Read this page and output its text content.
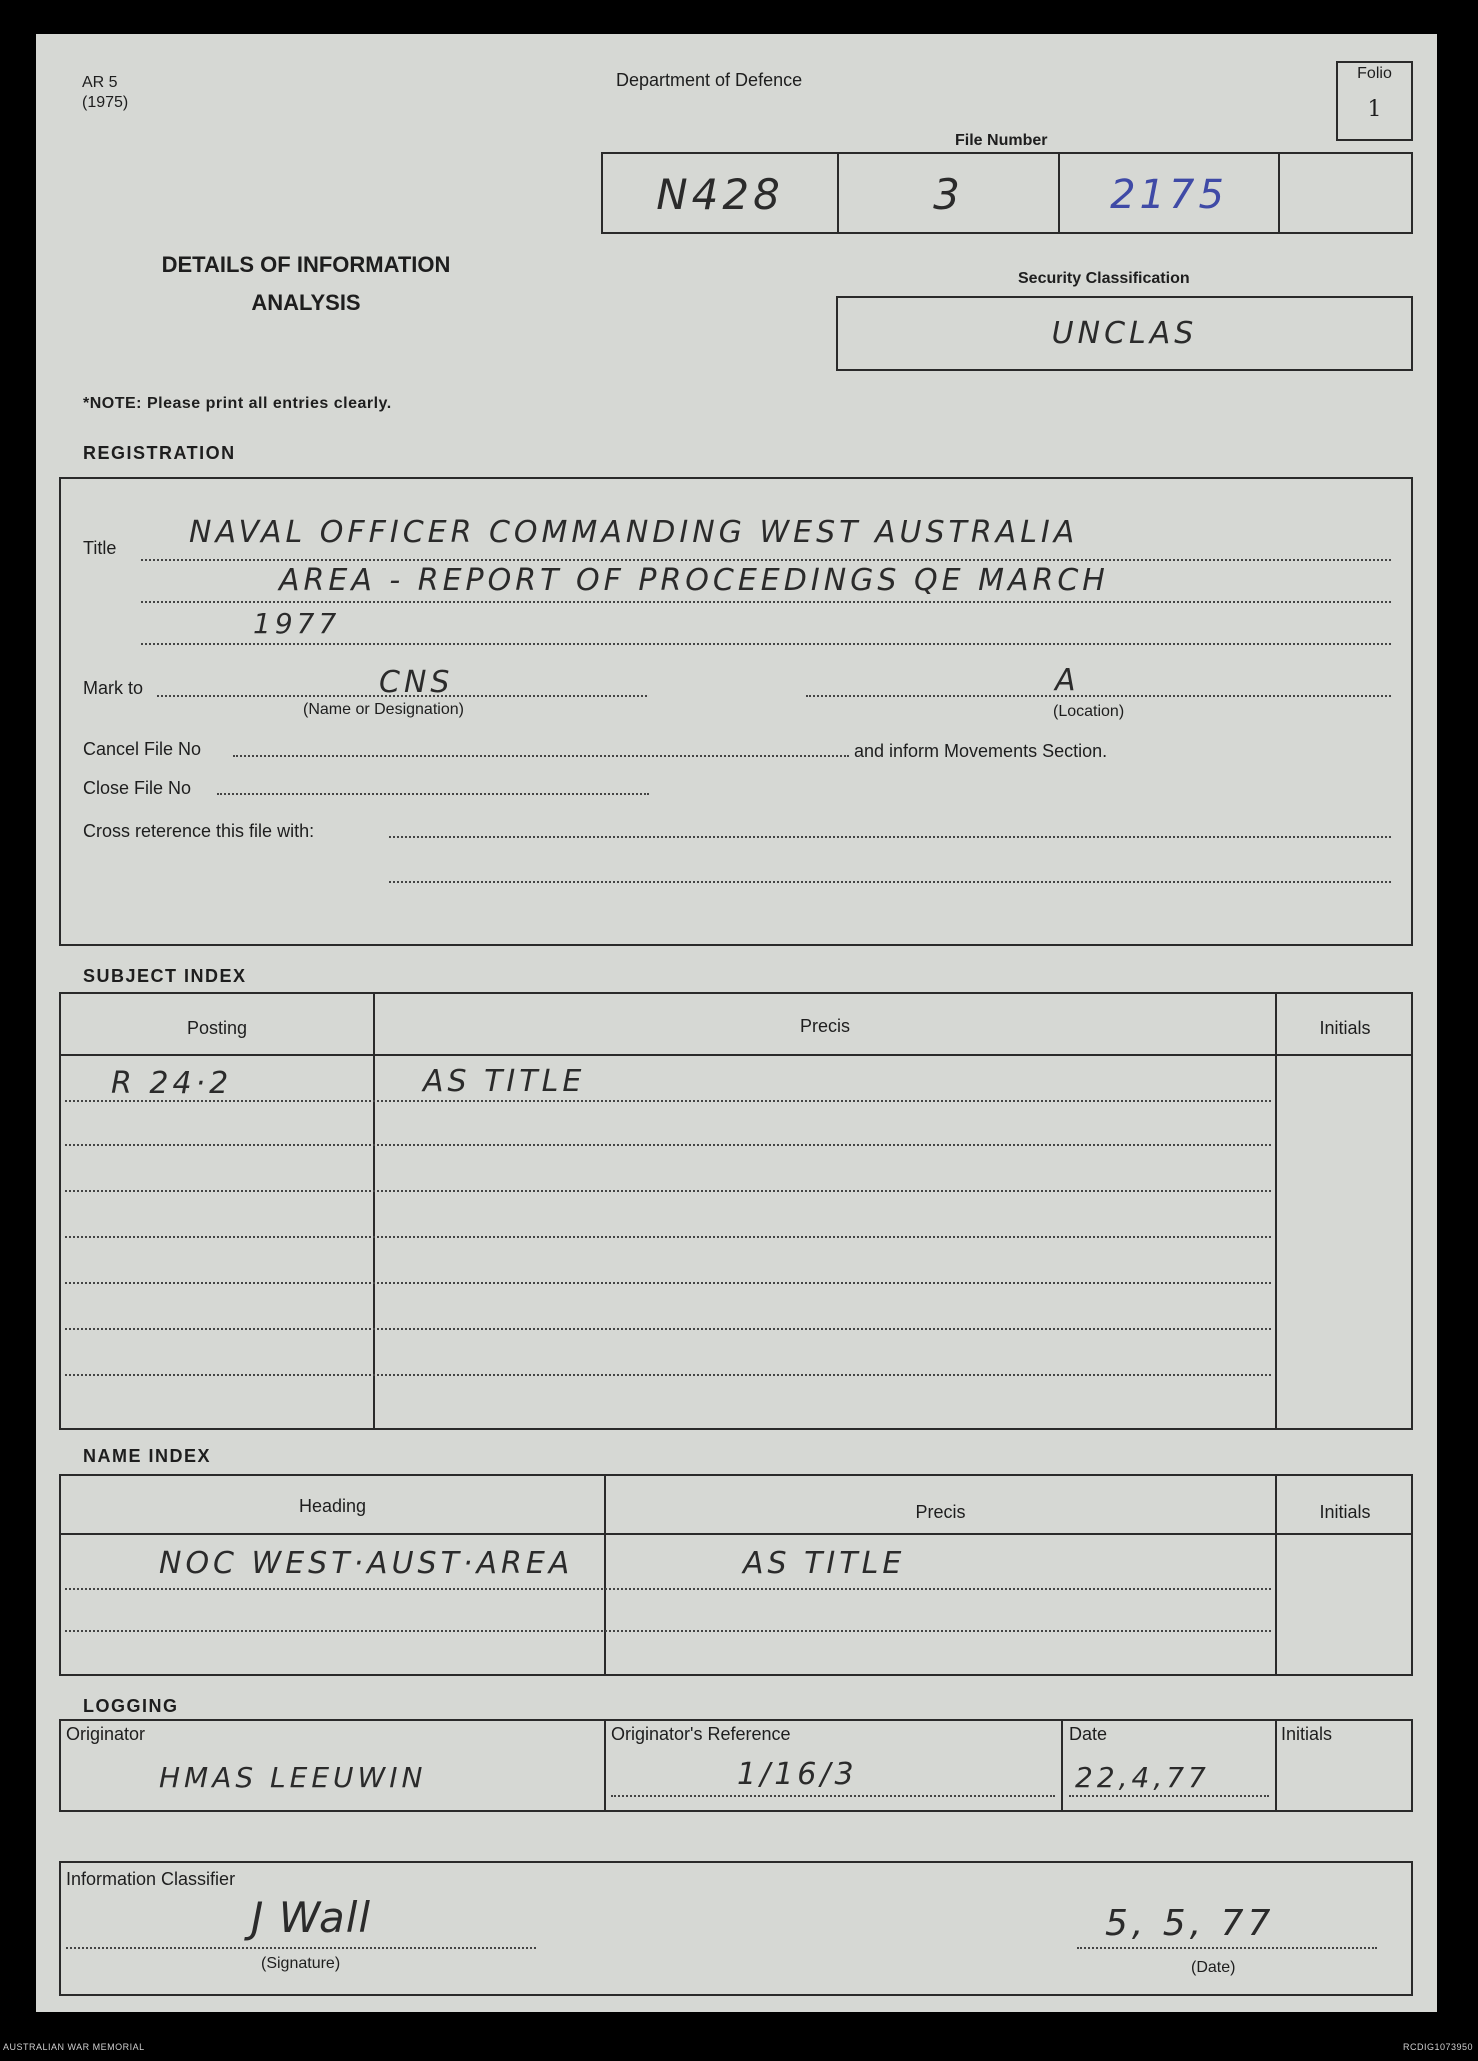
AR 5
(1975)
Department of Defence	Folio
1
File Number
N428	3	2175
DETAILS OF INFORMATION
ANALYSIS
Security Classification
UNCLAS
*NOTE: Please print all entries clearly.
REGISTRATION
Title NAVAL OFFICER COMMANDING WEST AUSTRALIA
AREA - REPORT OF PROCEEDINGS QE MARCH
1977
Mark to	CNS
(Name or Designation)
A
(Location)
Cancel File No	and inform Movements Section.
Close File No
Cross reterence this file with:
SUBJECT INDEX
Posting	Precis	Initials
R 24·2	AS TITLE
NAME INDEX
Heading	Precis	Initials
NOC WEST·AUST·AREA	AS TITLE
LOGGING
Originator	Originator's Reference	Date	Initials
HMAS LEEUWIN	1/16/3	22,4,77
Information Classifier
J Wall
(Signature)
5, 5, 77
(Date)
AUSTRALIAN WAR MEMORIAL	RCDIG1073950
